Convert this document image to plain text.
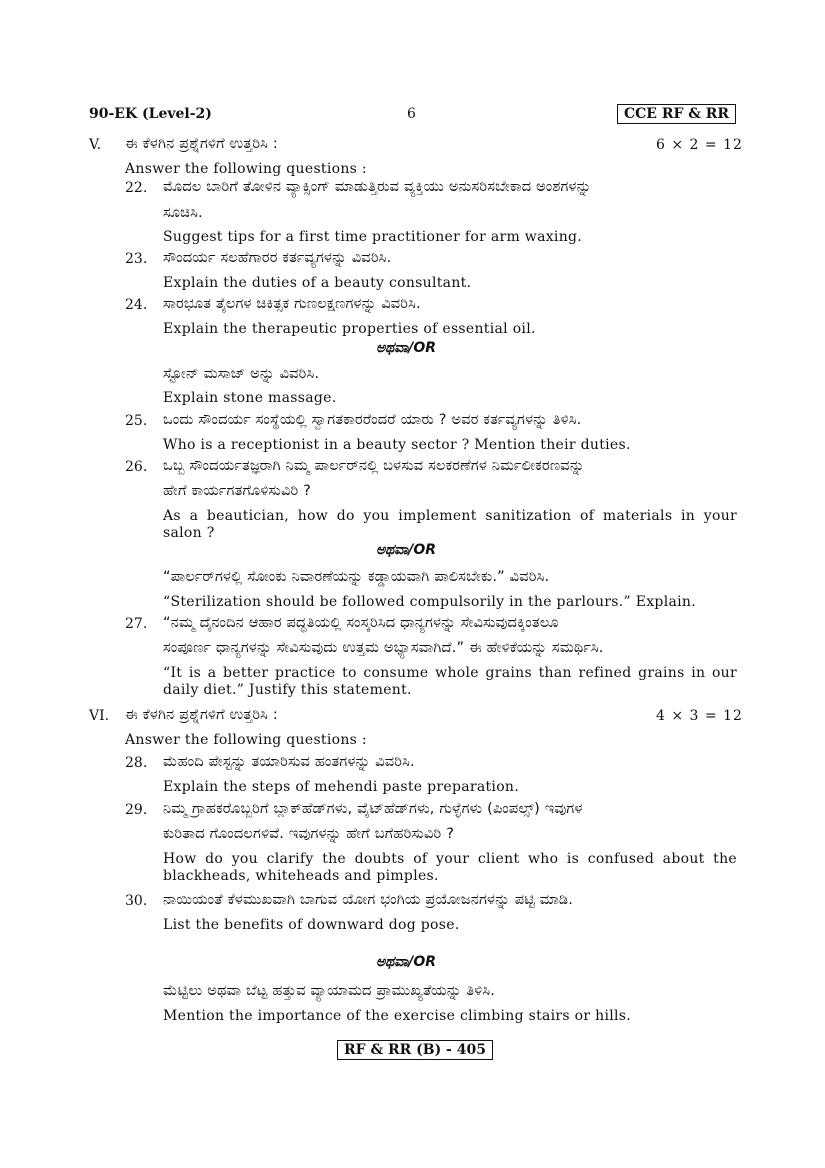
90-EK (Level-2)	6	CCE RF & RR
V. ಈ ಕೆಳಗಿನ ಪ್ರಶ್ನೆಗಳಿಗೆ ಉತ್ತರಿಸಿ :	6 × 2 = 12
Answer the following questions :
22. ಮೊದಲ ಬಾರಿಗೆ ತೋಳಿನ ವ್ಯಾಕ್ಸಿಂಗ್ ಮಾಡುತ್ತಿರುವ ವ್ಯಕ್ತಿಯು ಅನುಸರಿಸಬೇಕಾದ ಅಂಶಗಳನ್ನು
ಸೂಚಿಸಿ.
Suggest tips for a first time practitioner for arm waxing.
23. ಸೌಂದರ್ಯ ಸಲಹೆಗಾರರ ಕರ್ತವ್ಯಗಳನ್ನು ವಿವರಿಸಿ.
Explain the duties of a beauty consultant.
24. ಸಾರಭೂತ ತೈಲಗಳ ಚಿಕಿತ್ಸಕ ಗುಣಲಕ್ಷಣಗಳನ್ನು ವಿವರಿಸಿ.
Explain the therapeutic properties of essential oil.
ಅಥವಾ/OR
ಸ್ಟೋನ್ ಮಸಾಜ್ ಅನ್ನು ವಿವರಿಸಿ.
Explain stone massage.
25. ಒಂದು ಸೌಂದರ್ಯ ಸಂಸ್ಥೆಯಲ್ಲಿ ಸ್ವಾಗತಕಾರರೆಂದರೆ ಯಾರು ? ಅವರ ಕರ್ತವ್ಯಗಳನ್ನು ತಿಳಿಸಿ.
Who is a receptionist in a beauty sector ? Mention their duties.
26. ಒಬ್ಬ ಸೌಂದರ್ಯತಜ್ಞರಾಗಿ ನಿಮ್ಮ ಪಾರ್ಲರ್‌ನಲ್ಲಿ ಬಳಸುವ ಸಲಕರಣೆಗಳ ನಿರ್ಮಲೀಕರಣವನ್ನು
ಹೇಗೆ ಕಾರ್ಯಗತಗೊಳಿಸುವಿರಿ ?
As a beautician, how do you implement sanitization of materials in your salon ?
ಅಥವಾ/OR
“ಪಾರ್ಲರ್‌ಗಳಲ್ಲಿ ಸೋಂಕು ನಿವಾರಣೆಯನ್ನು ಕಡ್ಡಾಯವಾಗಿ ಪಾಲಿಸಬೇಕು.” ವಿವರಿಸಿ.
“Sterilization should be followed compulsorily in the parlours.” Explain.
27. “ನಮ್ಮ ದೈನಂದಿನ ಆಹಾರ ಪದ್ಧತಿಯಲ್ಲಿ ಸಂಸ್ಕರಿಸಿದ ಧಾನ್ಯಗಳನ್ನು ಸೇವಿಸುವುದಕ್ಕಿಂತಲೂ
ಸಂಪೂರ್ಣ ಧಾನ್ಯಗಳನ್ನು ಸೇವಿಸುವುದು ಉತ್ತಮ ಅಭ್ಯಾಸವಾಗಿದೆ.” ಈ ಹೇಳಿಕೆಯನ್ನು ಸಮರ್ಥಿಸಿ.
“It is a better practice to consume whole grains than refined grains in our daily diet.” Justify this statement.
VI. ಈ ಕೆಳಗಿನ ಪ್ರಶ್ನೆಗಳಿಗೆ ಉತ್ತರಿಸಿ :	4 × 3 = 12
Answer the following questions :
28. ಮೆಹಂದಿ ಪೇಸ್ಟನ್ನು ತಯಾರಿಸುವ ಹಂತಗಳನ್ನು ವಿವರಿಸಿ.
Explain the steps of mehendi paste preparation.
29. ನಿಮ್ಮ ಗ್ರಾಹಕರೊಬ್ಬರಿಗೆ ಬ್ಲಾಕ್‌ಹೆಡ್‌ಗಳು, ವೈಟ್‌ಹೆಡ್‌ಗಳು, ಗುಳ್ಳೆಗಳು (ಪಿಂಪಲ್ಸ್) ಇವುಗಳ
ಕುರಿತಾದ ಗೊಂದಲಗಳಿವೆ. ಇವುಗಳನ್ನು ಹೇಗೆ ಬಗೆಹರಿಸುವಿರಿ ?
How do you clarify the doubts of your client who is confused about the blackheads, whiteheads and pimples.
30. ನಾಯಿಯಂತೆ ಕೆಳಮುಖವಾಗಿ ಬಾಗುವ ಯೋಗ ಭಂಗಿಯ ಪ್ರಯೋಜನಗಳನ್ನು ಪಟ್ಟಿ ಮಾಡಿ.
List the benefits of downward dog pose.
ಅಥವಾ/OR
ಮೆಟ್ಟಿಲು ಅಥವಾ ಬೆಟ್ಟ ಹತ್ತುವ ವ್ಯಾಯಾಮದ ಪ್ರಾಮುಖ್ಯತೆಯನ್ನು ತಿಳಿಸಿ.
Mention the importance of the exercise climbing stairs or hills.
RF & RR (B) - 405
